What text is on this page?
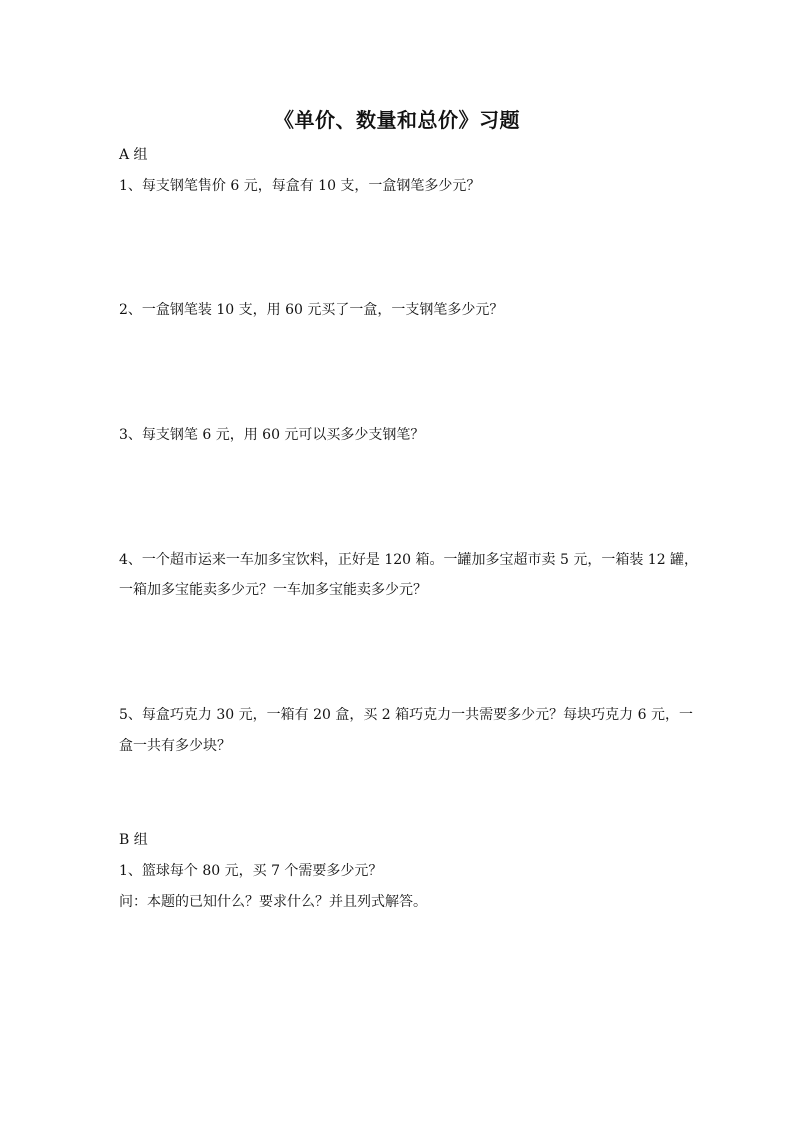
《单价、数量和总价》习题
A 组
1、每支钢笔售价 6 元，每盒有 10 支，一盒钢笔多少元？
2、一盒钢笔装 10 支，用 60 元买了一盒，一支钢笔多少元？
3、每支钢笔 6 元，用 60 元可以买多少支钢笔？
4、一个超市运来一车加多宝饮料，正好是 120 箱。一罐加多宝超市卖 5 元，一箱装 12 罐，
一箱加多宝能卖多少元？一车加多宝能卖多少元？
5、每盒巧克力 30 元，一箱有 20 盒，买 2 箱巧克力一共需要多少元？每块巧克力 6 元，一
盒一共有多少块？
B 组
1、篮球每个 80 元，买 7 个需要多少元？
问：本题的已知什么？要求什么？并且列式解答。
